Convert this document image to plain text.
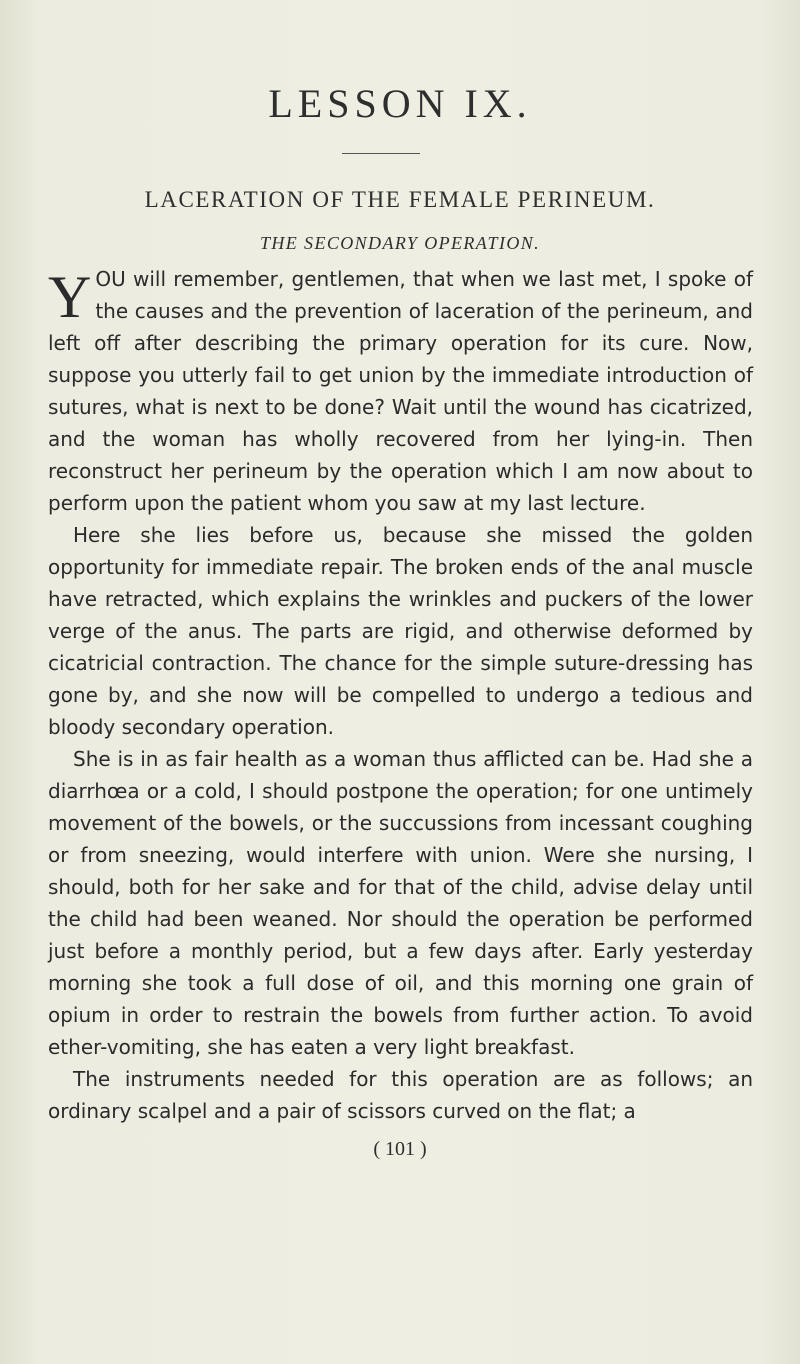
LESSON IX.
LACERATION OF THE FEMALE PERINEUM.
THE SECONDARY OPERATION.

YOU will remember, gentlemen, that when we last met, I spoke of the causes and the prevention of laceration of the perineum, and left off after describing the primary operation for its cure. Now, suppose you utterly fail to get union by the immediate introduction of sutures, what is next to be done? Wait until the wound has cicatrized, and the woman has wholly recovered from her lying-in. Then reconstruct her perineum by the operation which I am now about to perform upon the patient whom you saw at my last lecture.

Here she lies before us, because she missed the golden opportunity for immediate repair. The broken ends of the anal muscle have retracted, which explains the wrinkles and puckers of the lower verge of the anus. The parts are rigid, and otherwise deformed by cicatricial contraction. The chance for the simple suture-dressing has gone by, and she now will be compelled to undergo a tedious and bloody secondary operation.

She is in as fair health as a woman thus afflicted can be. Had she a diarrhœa or a cold, I should postpone the operation; for one untimely movement of the bowels, or the succussions from incessant coughing or from sneezing, would interfere with union. Were she nursing, I should, both for her sake and for that of the child, advise delay until the child had been weaned. Nor should the operation be performed just before a monthly period, but a few days after. Early yesterday morning she took a full dose of oil, and this morning one grain of opium in order to restrain the bowels from further action. To avoid ether-vomiting, she has eaten a very light breakfast.

The instruments needed for this operation are as follows; an ordinary scalpel and a pair of scissors curved on the flat; a

( 101 )
